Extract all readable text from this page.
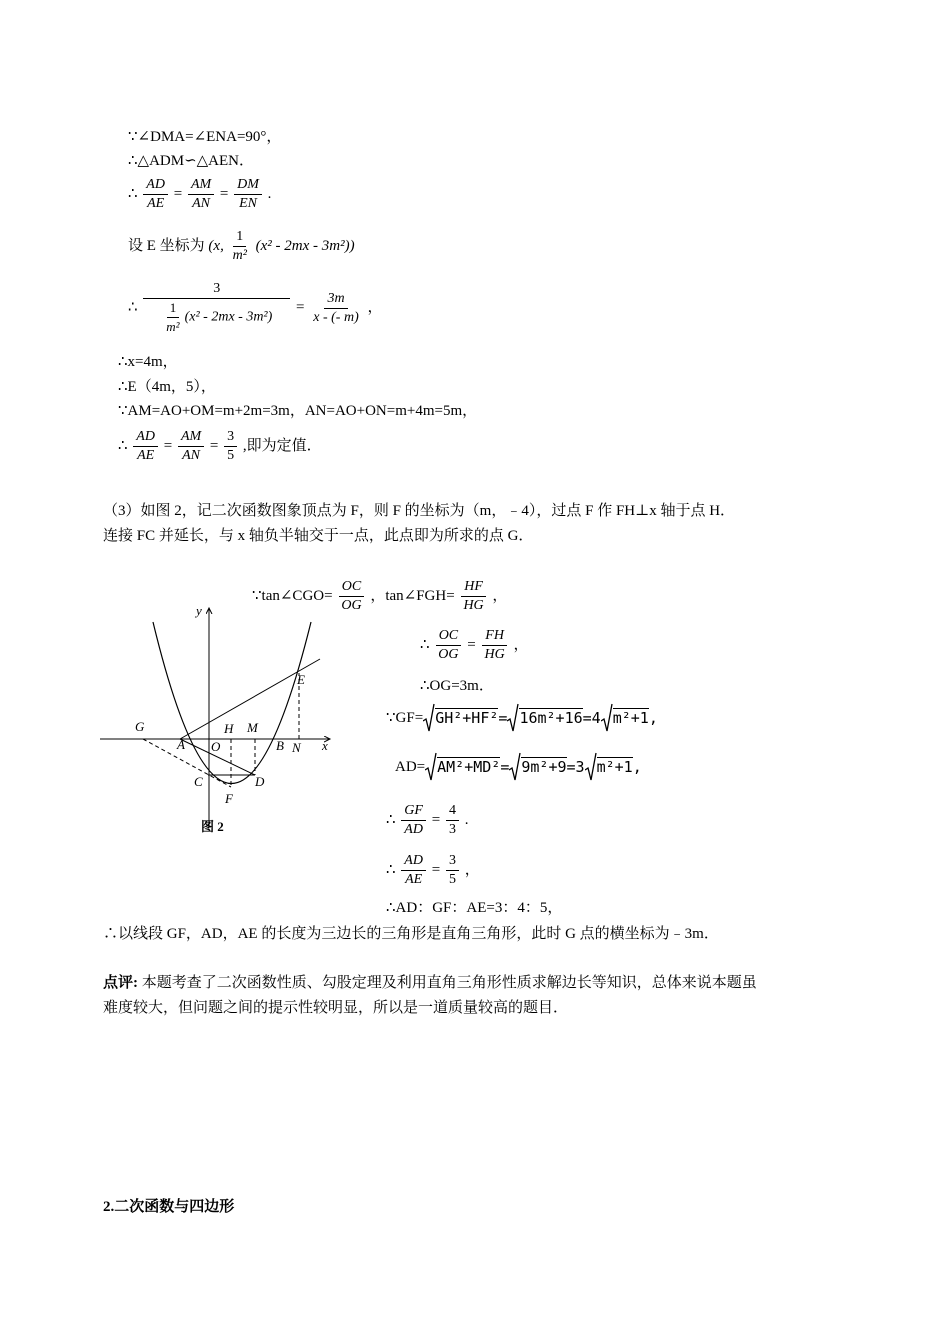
∵∠DMA=∠ENA=90°，
∴△ADM∽△AEN．
∴ $\frac{AD}{AE} = \frac{AM}{AN} = \frac{DM}{EN}$ .
设 E 坐标为 (x, $\frac{1}{\text{m²}} (x^2 - 2mx - 3m^2)$)
∴ $\frac{3}{\frac{1}{\text{m²}} (x^2 - 2mx - 3m^2)} = \frac{3m}{x - (- m)}$ ，
∴x=4m，
∴E（4m，5），
∵AM=AO+OM=m+2m=3m，AN=AO+ON=m+4m=5m，
∴ $\frac{AD}{AE} = \frac{AM}{AN} = \frac{3}{5}$ ,即为定值．
（3）如图 2，记二次函数图象顶点为 F，则 F 的坐标为（m，﹣4），过点 F 作 FH⊥x 轴于点 H．
连接 FC 并延长，与 x 轴负半轴交于一点，此点即为所求的点 G．
∵tan∠CGO= $\frac{OC}{OG}$ ，tan∠FGH= $\frac{HF}{HG}$ ，
∴ $\frac{OC}{OG} = \frac{FH}{HG}$ ，
∴OG=3m．
∵GF= GH²+HF²= 16m²+16=4 m²+1,
AD= AM²+MD²= 9m²+9=3 m²+1,
∴ $\frac{GF}{AD} = \frac{4}{3}$ .
∴ $\frac{AD}{AE} = \frac{3}{5}$ ，
∴AD：GF：AE=3：4：5，
∴以线段 GF，AD，AE 的长度为三边长的三角形是直角三角形，此时 G 点的横坐标为﹣3m．
点评: 本题考查了二次函数性质、勾股定理及利用直角三角形性质求解边长等知识，总体来说本题虽
难度较大，但问题之间的提示性较明显，所以是一道质量较高的题目．
2.二次函数与四边形
y
x
G
A O
H M
B N
C	D
F
E
图 2
